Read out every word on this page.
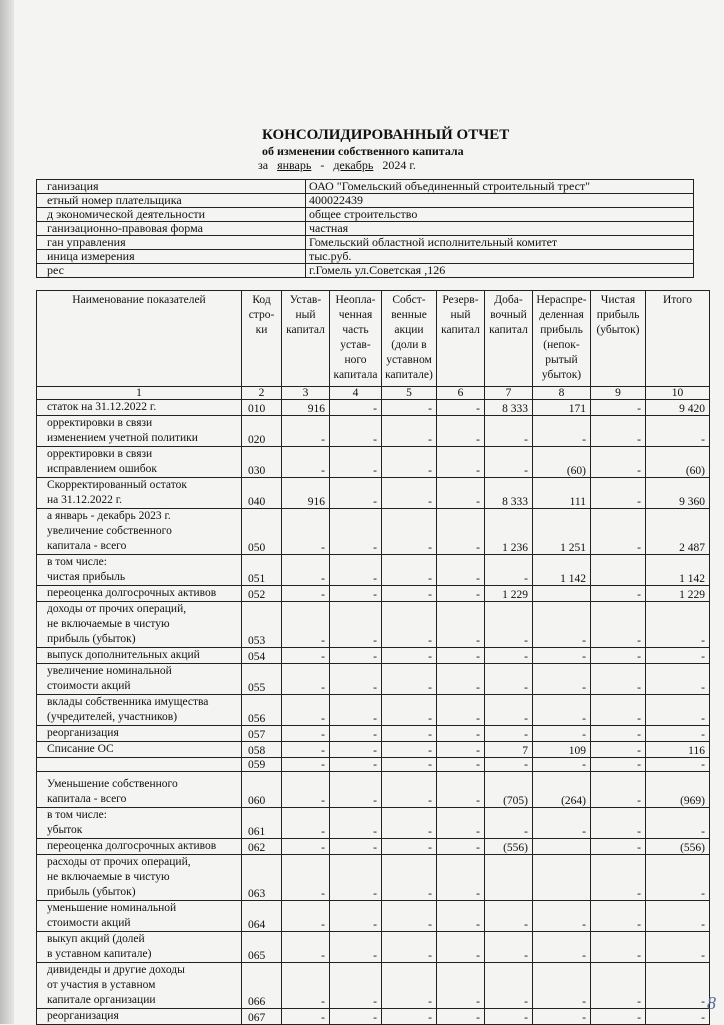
КОНСОЛИДИРОВАННЫЙ ОТЧЕТ
об изменении собственного капитала
за январь - декабрь 2024 г.
ганизация	ОАО "Гомельский объединенный строительный трест"
етный номер плательщика	400022439
д экономической деятельности	общее строительство
ганизационно-правовая форма	частная
ган управления	Гомельский областной исполнительный комитет
иница измерения	тыс.руб.
рес	г.Гомель ул.Советская ,126
Наименование показателей	Код стро- ки	Устав- ный капитал	Неопла- ченная часть устав- ного капитала	Собст- венные акции (доли в уставном капитале)	Резерв- ный капитал	Доба- вочный капитал	Нераспре- деленная прибыль (непок- рытый убыток)	Чистая прибыль (убыток)	Итого
1	2	3	4	5	6	7	8	9	10
статок на 31.12.2022 г.	010	916	-	-	-	8 333	171	-	9 420
орректировки в связи
изменением учетной политики	020	-	-	-	-	-	-	-	-
орректировки в связи
исправлением ошибок	030	-	-	-	-	-	(60)	-	(60)
Скорректированный остаток
на 31.12.2022 г.	040	916	-	-	-	8 333	111	-	9 360
а январь - декабрь 2023 г.
увеличение собственного
капитала - всего	050	-	-	-	-	1 236	1 251	-	2 487
в том числе:
чистая прибыль	051	-	-	-	-	-	1 142		1 142
переоценка долгосрочных активов	052	-	-	-	-	1 229		-	1 229
доходы от прочих операций,
не включаемые в чистую
прибыль (убыток)	053	-	-	-	-	-	-	-	-
выпуск дополнительных акций	054	-	-	-	-	-	-	-	-
увеличение номинальной
стоимости акций	055	-	-	-	-	-	-	-	-
вклады собственника имущества
(учредителей, участников)	056	-	-	-	-	-	-	-	-
реорганизация	057	-	-	-	-	-	-	-	-
Списание ОС	058	-	-	-	-	7	109	-	116
	059	-	-	-	-	-	-	-	-
Уменьшение собственного
капитала - всего	060	-	-	-	-	(705)	(264)	-	(969)
в том числе:
убыток	061	-	-	-	-	-	-	-	-
переоценка долгосрочных активов	062	-	-	-	-	(556)		-	(556)
расходы от прочих операций,
не включаемые в чистую
прибыль (убыток)	063	-	-	-	-			-	-
уменьшение номинальной
стоимости акций	064	-	-	-	-	-	-	-	-
выкуп акций (долей
в уставном капитале)	065	-	-	-	-	-	-	-	-
дивиденды и другие доходы
от участия в уставном
капитале организации	066	-	-	-	-	-	-	-	-
реорганизация	067	-	-	-	-	-	-	-	-
8
